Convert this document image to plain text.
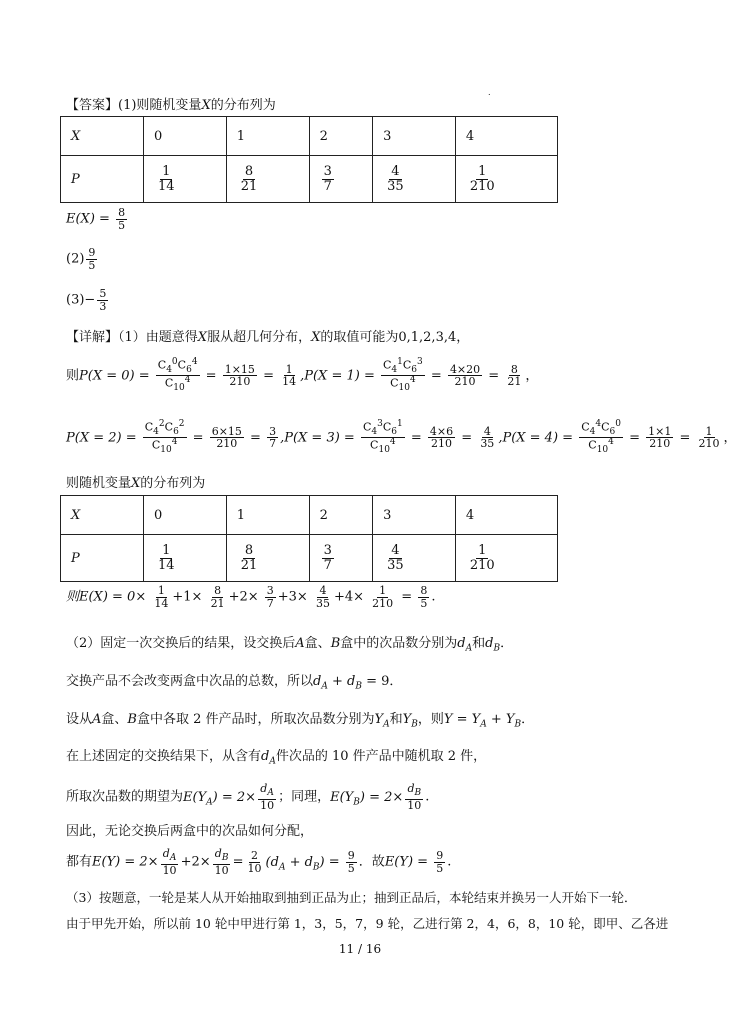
.
【答案】(1)则随机变量X的分布列为
X	0	1	2	3	4
P	$\frac{1}{14}$	$\frac{8}{21}$	$\frac{3}{7}$	$\frac{4}{35}$	$\frac{1}{210}$
$E(X) = \frac{8}{5}$
$(2) \frac{9}{5}$
$(3)- \frac{5}{3}$
【详解】（1）由题意得X服从超几何分布，X的取值可能为0,1,2,3,4，
则$P(X = 0) = \frac{C_4^0C_6^4}{C_{10}^4} = \frac{1\times 15}{210} = \frac{1}{14} ,P(X = 1) = \frac{C_4^1C_6^3}{C_{10}^4} = \frac{4\times 20}{210} = \frac{8}{21}$ ，
$P(X = 2) = \frac{C_4^2C_6^2}{C_{10}^4} = \frac{6\times 15}{210} = \frac{3}{7} ,P(X = 3) = \frac{C_4^3C_6^1}{C_{10}^4} = \frac{4\times 6}{210} = \frac{4}{35} ,P(X = 4) = \frac{C_4^4C_6^0}{C_{10}^4} = \frac{1\times 1}{210} = \frac{1}{210}$ ，
则随机变量X的分布列为
X	0	1	2	3	4
P	$\frac{1}{14}$	$\frac{8}{21}$	$\frac{3}{7}$	$\frac{4}{35}$	$\frac{1}{210}$
则$E(X) = 0\times \frac{1}{14} +1\times \frac{8}{21} +2\times \frac{3}{7} +3\times \frac{4}{35} +4\times \frac{1}{210} = \frac{8}{5}$ .
（2）固定一次交换后的结果，设交换后A盒、B盒中的次品数分别为$d_A$和$d_B$．
交换产品不会改变两盒中次品的总数，所以$d_A + d_B = 9$．
设从A盒、B盒中各取 2 件产品时，所取次品数分别为$Y_A$和$Y_B$，则$Y = Y_A + Y_B$．
在上述固定的交换结果下，从含有$d_A$件次品的 10 件产品中随机取 2 件，
所取次品数的期望为$E(Y_A) = 2\times \frac{d_A}{10}$ ；同理，$E(Y_B) = 2\times \frac{d_B}{10}$ .
因此，无论交换后两盒中的次品如何分配，
都有$E(Y) = 2\times \frac{d_A}{10} +2\times \frac{d_B}{10} = \frac{2}{10} (d_A + d_B) = \frac{9}{5}$ ．故$E(Y) = \frac{9}{5}$ .
（3）按题意，一轮是某人从开始抽取到抽到正品为止；抽到正品后，本轮结束并换另一人开始下一轮．
由于甲先开始，所以前 10 轮中甲进行第 1，3，5，7，9 轮，乙进行第 2，4，6，8，10 轮，即甲、乙各进
11 / 16
